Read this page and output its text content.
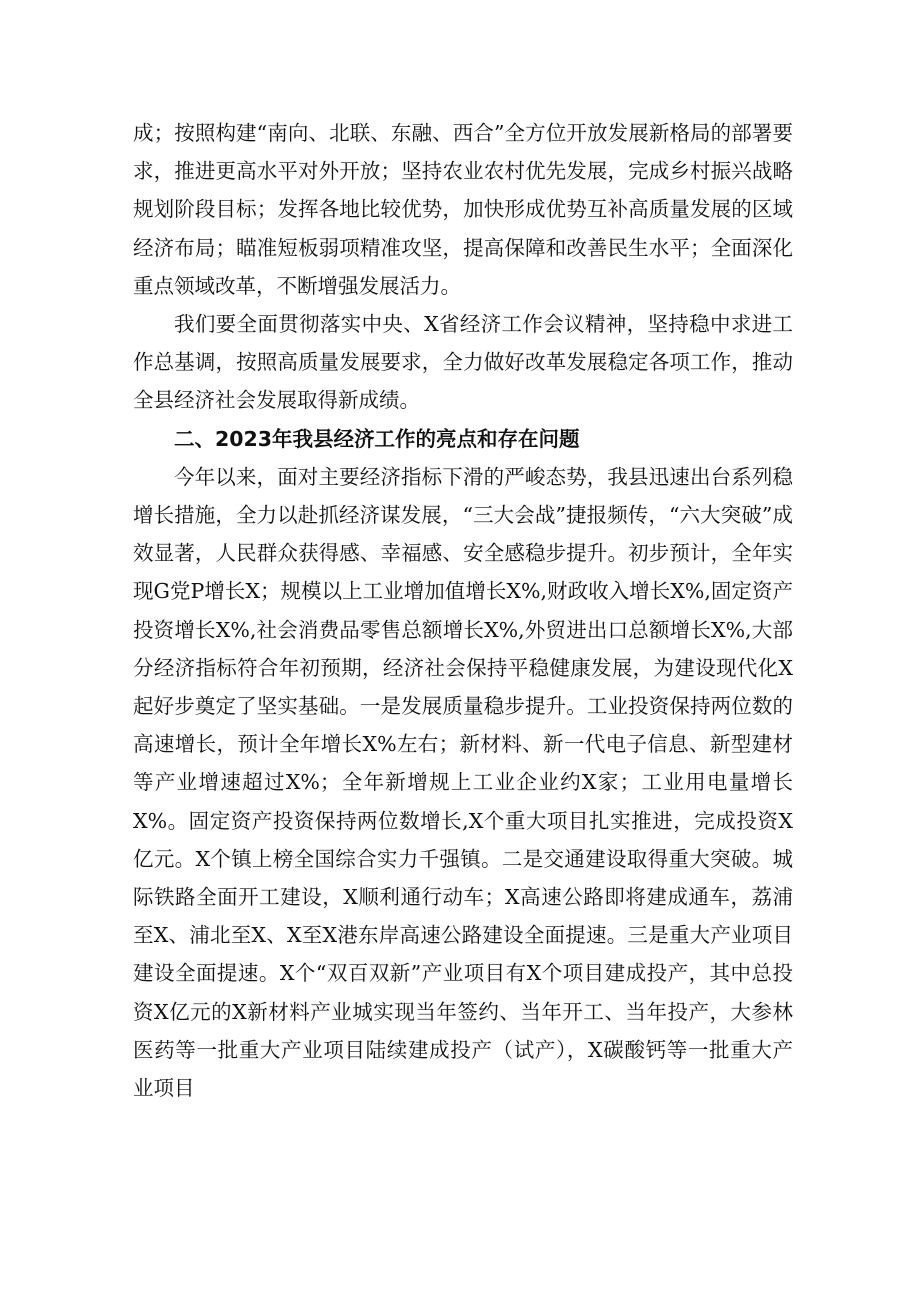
成；按照构建“南向、北联、东融、西合”全方位开放发展新格局的部署要求，推进更高水平对外开放；坚持农业农村优先发展，完成乡村振兴战略规划阶段目标；发挥各地比较优势，加快形成优势互补高质量发展的区域经济布局；瞄准短板弱项精准攻坚，提高保障和改善民生水平；全面深化重点领域改革，不断增强发展活力。

我们要全面贯彻落实中央、X省经济工作会议精神，坚持稳中求进工作总基调，按照高质量发展要求，全力做好改革发展稳定各项工作，推动全县经济社会发展取得新成绩。

二、2023年我县经济工作的亮点和存在问题

今年以来，面对主要经济指标下滑的严峻态势，我县迅速出台系列稳增长措施，全力以赴抓经济谋发展，“三大会战”捷报频传，“六大突破”成效显著，人民群众获得感、幸福感、安全感稳步提升。初步预计，全年实现G党P增长X；规模以上工业增加值增长X%,财政收入增长X%,固定资产投资增长X%,社会消费品零售总额增长X%,外贸进出口总额增长X%,大部分经济指标符合年初预期，经济社会保持平稳健康发展，为建设现代化X起好步奠定了坚实基础。一是发展质量稳步提升。工业投资保持两位数的高速增长，预计全年增长X%左右；新材料、新一代电子信息、新型建材等产业增速超过X%；全年新增规上工业企业约X家；工业用电量增长X%。固定资产投资保持两位数增长,X个重大项目扎实推进，完成投资X亿元。X个镇上榜全国综合实力千强镇。二是交通建设取得重大突破。城际铁路全面开工建设，X顺利通行动车；X高速公路即将建成通车，荔浦至X、浦北至X、X至X港东岸高速公路建设全面提速。三是重大产业项目建设全面提速。X个“双百双新”产业项目有X个项目建成投产，其中总投资X亿元的X新材料产业城实现当年签约、当年开工、当年投产，大参林医药等一批重大产业项目陆续建成投产（试产），X碳酸钙等一批重大产业项目
